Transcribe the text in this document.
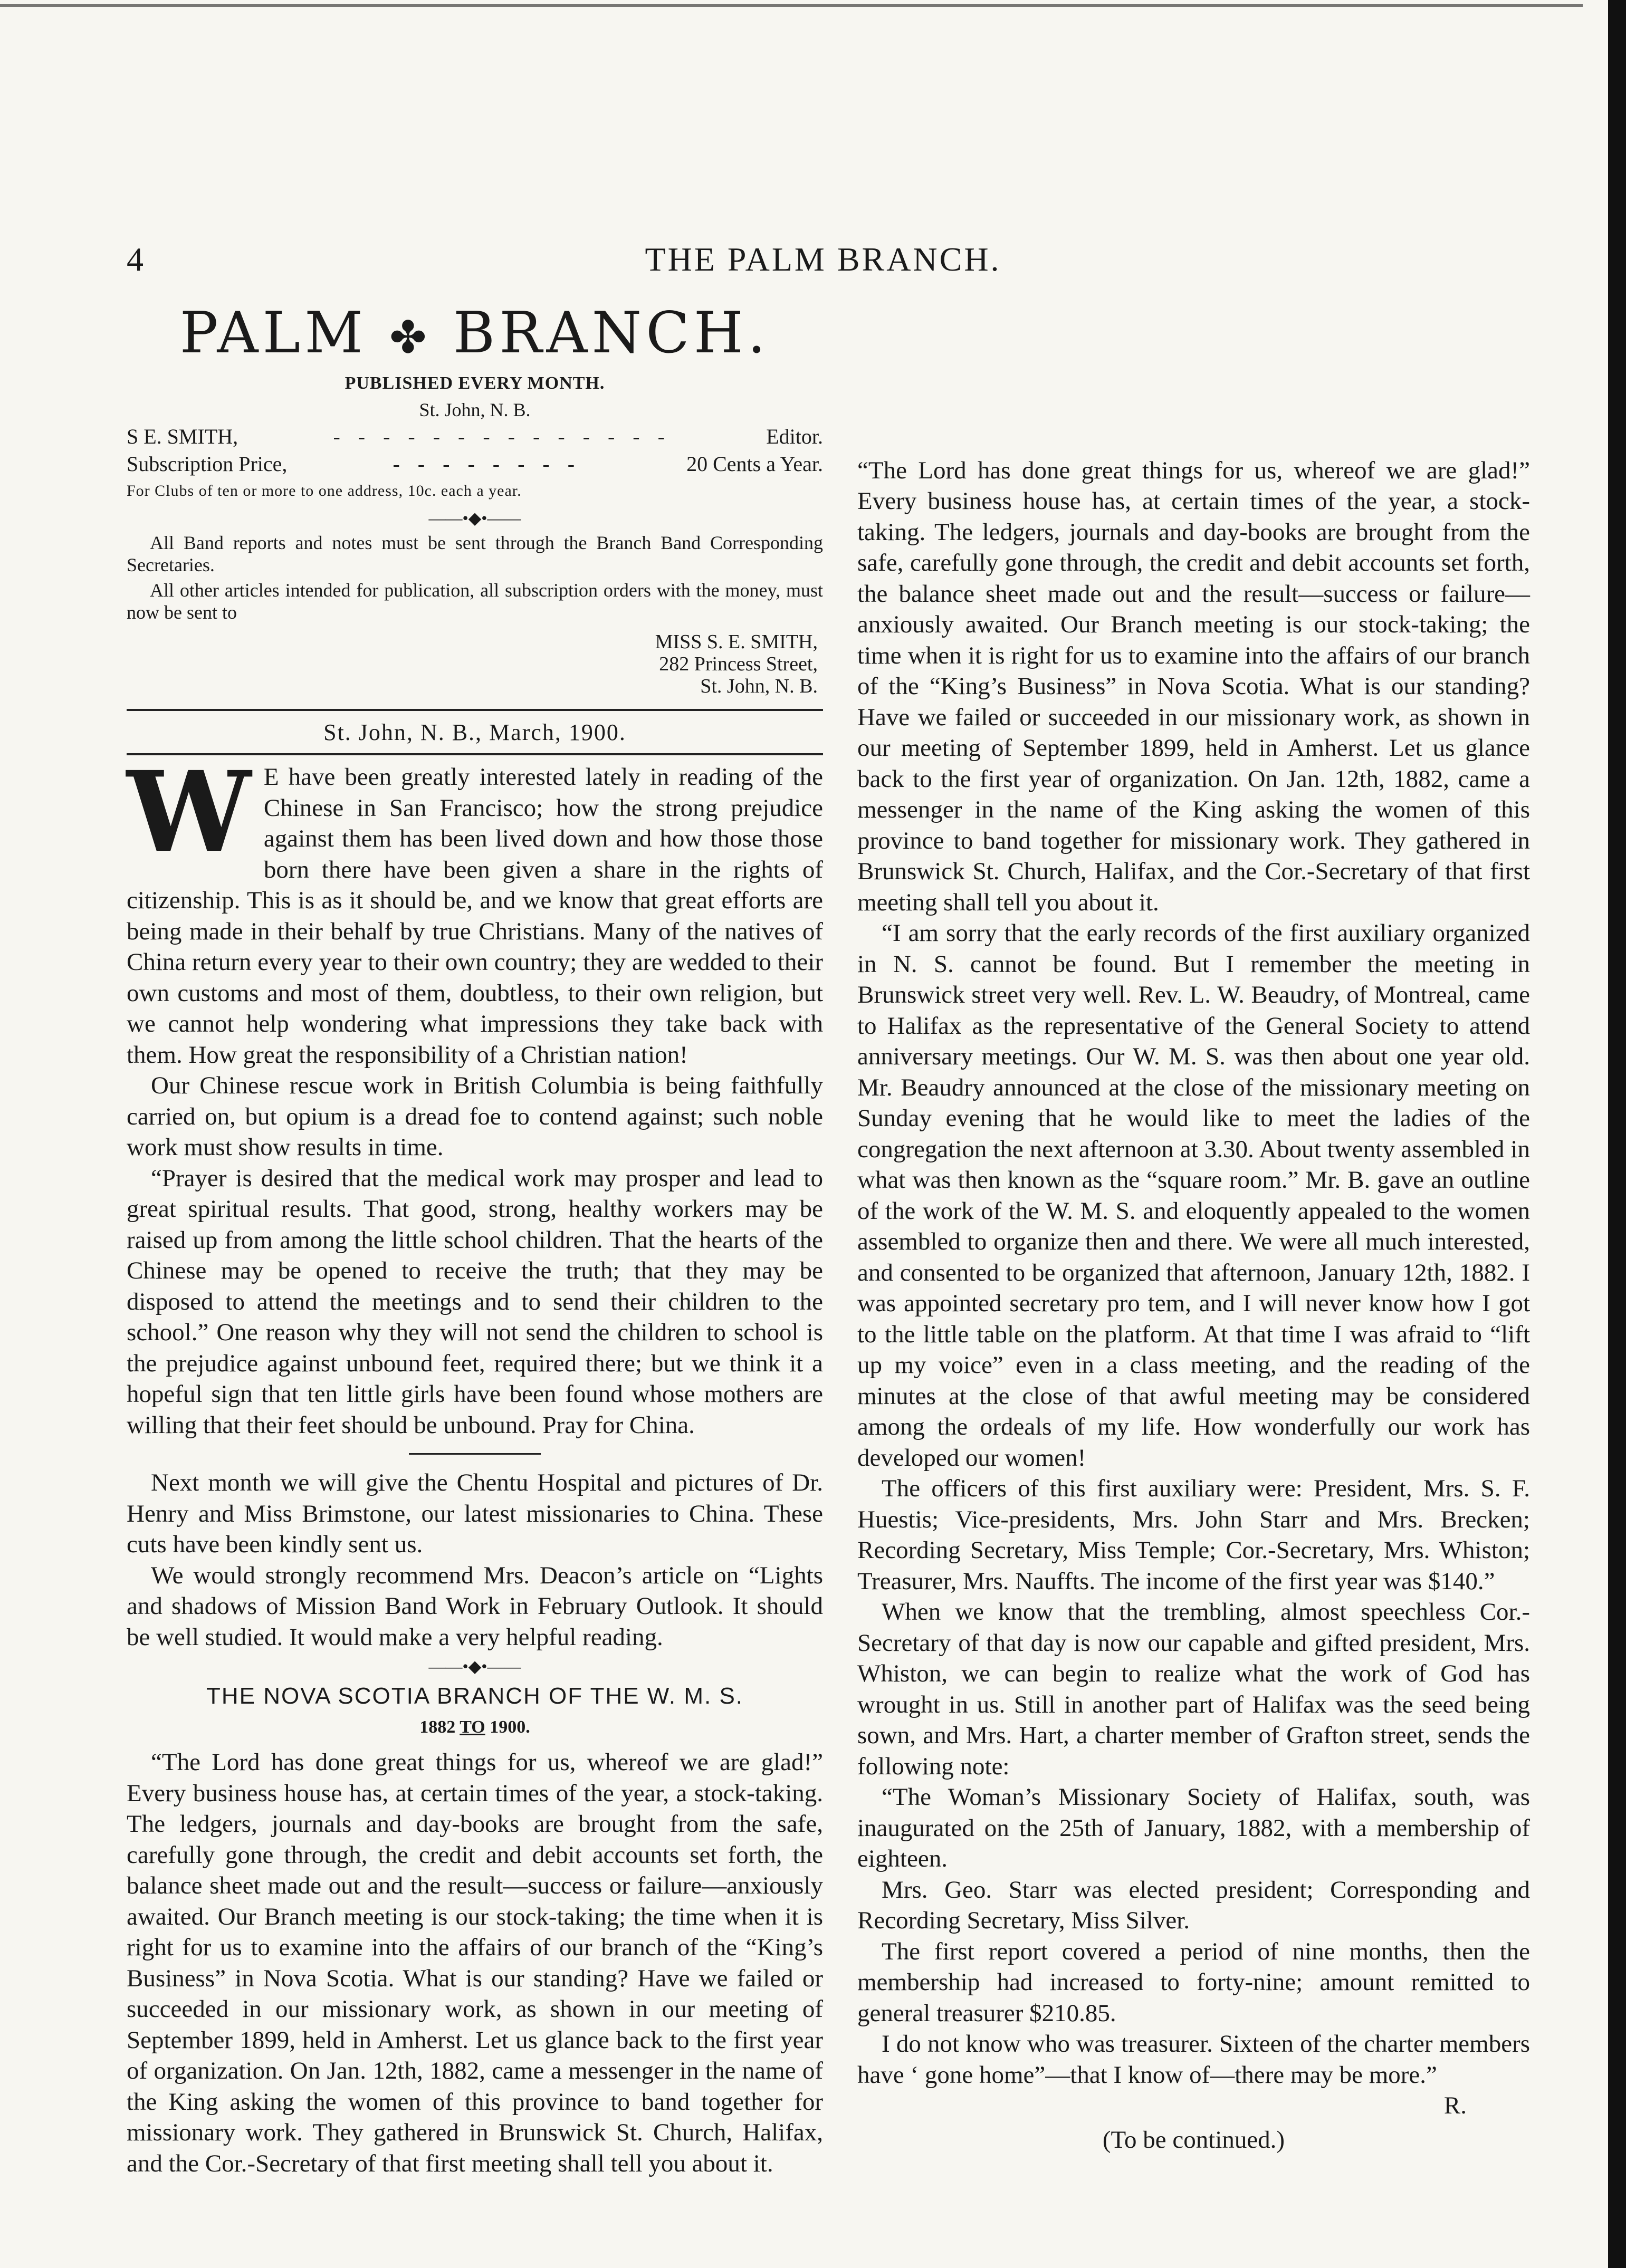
4	THE PALM BRANCH.

PALM ✤ BRANCH.

PUBLISHED EVERY MONTH.

St. John, N. B.

S E. SMITH,	- - - - - - - - - - - - - -	Editor.

Subscription Price,	- - - - - - - -	20 Cents a Year.

For Clubs of ten or more to one address, 10c. each a year.

——•◆•——

All Band reports and notes must be sent through the Branch Band Corresponding Secretaries.

All other articles intended for publication, all subscription orders with the money, must now be sent to

MISS S. E. SMITH,
282 Princess Street,
St. John, N. B.

St. John, N. B., March, 1900.

W E have been greatly interested lately in reading of the Chinese in San Francisco; how the strong prejudice against them has been lived down and how those those born there have been given a share in the rights of citizenship. This is as it should be, and we know that great efforts are being made in their behalf by true Christians. Many of the natives of China return every year to their own country; they are wedded to their own customs and most of them, doubtless, to their own religion, but we cannot help wondering what impressions they take back with them. How great the responsibility of a Christian nation!

Our Chinese rescue work in British Columbia is being faithfully carried on, but opium is a dread foe to contend against; such noble work must show results in time.

“Prayer is desired that the medical work may prosper and lead to great spiritual results. That good, strong, healthy workers may be raised up from among the little school children. That the hearts of the Chinese may be opened to receive the truth; that they may be disposed to attend the meetings and to send their children to the school.” One reason why they will not send the children to school is the prejudice against unbound feet, required there; but we think it a hopeful sign that ten little girls have been found whose mothers are willing that their feet should be unbound. Pray for China.

Next month we will give the Chentu Hospital and pictures of Dr. Henry and Miss Brimstone, our latest missionaries to China. These cuts have been kindly sent us.

We would strongly recommend Mrs. Deacon’s article on “Lights and shadows of Mission Band Work in February Outlook. It should be well studied. It would make a very helpful reading.

——•◆•——

THE NOVA SCOTIA BRANCH OF THE W. M. S.

1882 TO 1900.

“The Lord has done great things for us, whereof we are glad!” Every business house has, at certain times of the year, a stock-taking. The ledgers, journals and day-books are brought from the safe, carefully gone through, the credit and debit accounts set forth, the balance sheet made out and the result—success or failure—anxiously awaited. Our Branch meeting is our stock-taking; the time when it is right for us to examine into the affairs of our branch of the “King’s Business” in Nova Scotia. What is our standing? Have we failed or succeeded in our missionary work, as shown in our meeting of September 1899, held in Amherst. Let us glance back to the first year of organization. On Jan. 12th, 1882, came a messenger in the name of the King asking the women of this province to band together for missionary work. They gathered in Brunswick St. Church, Halifax, and the Cor.-Secretary of that first meeting shall tell you about it.

“The Lord has done great things for us, whereof we are glad!” Every business house has, at certain times of the year, a stock-taking. The ledgers, journals and day-books are brought from the safe, carefully gone through, the credit and debit accounts set forth, the balance sheet made out and the result—success or failure—anxiously awaited. Our Branch meeting is our stock-taking; the time when it is right for us to examine into the affairs of our branch of the “King’s Business” in Nova Scotia. What is our standing? Have we failed or succeeded in our missionary work, as shown in our meeting of September 1899, held in Amherst. Let us glance back to the first year of organization. On Jan. 12th, 1882, came a messenger in the name of the King asking the women of this province to band together for missionary work. They gathered in Brunswick St. Church, Halifax, and the Cor.-Secretary of that first meeting shall tell you about it.

“I am sorry that the early records of the first auxiliary organized in N. S. cannot be found. But I remember the meeting in Brunswick street very well. Rev. L. W. Beaudry, of Montreal, came to Halifax as the representative of the General Society to attend anniversary meetings. Our W. M. S. was then about one year old. Mr. Beaudry announced at the close of the missionary meeting on Sunday evening that he would like to meet the ladies of the congregation the next afternoon at 3.30. About twenty assembled in what was then known as the “square room.” Mr. B. gave an outline of the work of the W. M. S. and eloquently appealed to the women assembled to organize then and there. We were all much interested, and consented to be organized that afternoon, January 12th, 1882. I was appointed secretary pro tem, and I will never know how I got to the little table on the platform. At that time I was afraid to “lift up my voice” even in a class meeting, and the reading of the minutes at the close of that awful meeting may be considered among the ordeals of my life. How wonderfully our work has developed our women!

The officers of this first auxiliary were: President, Mrs. S. F. Huestis; Vice-presidents, Mrs. John Starr and Mrs. Brecken; Recording Secretary, Miss Temple; Cor.-Secretary, Mrs. Whiston; Treasurer, Mrs. Nauffts. The income of the first year was $140.”

When we know that the trembling, almost speechless Cor.-Secretary of that day is now our capable and gifted president, Mrs. Whiston, we can begin to realize what the work of God has wrought in us. Still in another part of Halifax was the seed being sown, and Mrs. Hart, a charter member of Grafton street, sends the following note:

“The Woman’s Missionary Society of Halifax, south, was inaugurated on the 25th of January, 1882, with a membership of eighteen.

Mrs. Geo. Starr was elected president; Corresponding and Recording Secretary, Miss Silver.

The first report covered a period of nine months, then the membership had increased to forty-nine; amount remitted to general treasurer $210.85.

I do not know who was treasurer. Sixteen of the charter members have ‘ gone home”—that I know of—there may be more.”

R.

(To be continued.)
